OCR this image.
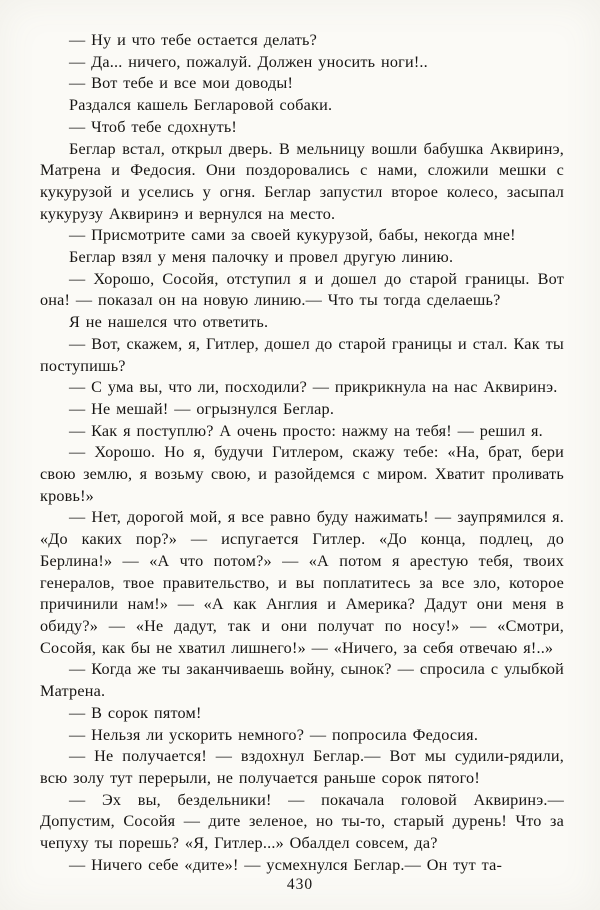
— Ну и что тебе остается делать?

— Да... ничего, пожалуй. Должен уносить ноги!..

— Вот тебе и все мои доводы!

Раздался кашель Бегларовой собаки.

— Чтоб тебе сдохнуть!

Беглар встал, открыл дверь. В мельницу вошли бабушка Аквиринэ, Матрена и Федосия. Они поздоровались с нами, сложили мешки с кукурузой и уселись у огня. Беглар запустил второе колесо, засыпал кукурузу Аквиринэ и вернулся на место.

— Присмотрите сами за своей кукурузой, бабы, некогда мне!

Беглар взял у меня палочку и провел другую линию.

— Хорошо, Сосойя, отступил я и дошел до старой границы. Вот она! — показал он на новую линию.— Что ты тогда сделаешь?

Я не нашелся что ответить.

— Вот, скажем, я, Гитлер, дошел до старой границы и стал. Как ты поступишь?

— С ума вы, что ли, посходили? — прикрикнула на нас Аквиринэ.

— Не мешай! — огрызнулся Беглар.

— Как я поступлю? А очень просто: нажму на тебя! — решил я.

— Хорошо. Но я, будучи Гитлером, скажу тебе: «На, брат, бери свою землю, я возьму свою, и разойдемся с миром. Хватит проливать кровь!»

— Нет, дорогой мой, я все равно буду нажимать! — заупрямился я. «До каких пор?» — испугается Гитлер. «До конца, подлец, до Берлина!» — «А что потом?» — «А потом я арестую тебя, твоих генералов, твое правительство, и вы поплатитесь за все зло, которое причинили нам!» — «А как Англия и Америка? Дадут они меня в обиду?» — «Не дадут, так и они получат по носу!» — «Смотри, Сосойя, как бы не хватил лишнего!» — «Ничего, за себя отвечаю я!..»

— Когда же ты заканчиваешь войну, сынок? — спросила с улыбкой Матрена.

— В сорок пятом!

— Нельзя ли ускорить немного? — попросила Федосия.

— Не получается! — вздохнул Беглар.— Вот мы судили-рядили, всю золу тут перерыли, не получается раньше сорок пятого!

— Эх вы, бездельники! — покачала головой Аквиринэ.— Допустим, Сосойя — дите зеленое, но ты-то, старый дурень! Что за чепуху ты порешь? «Я, Гитлер...» Обалдел совсем, да?

— Ничего себе «дите»! — усмехнулся Беглар.— Он тут та-

430
